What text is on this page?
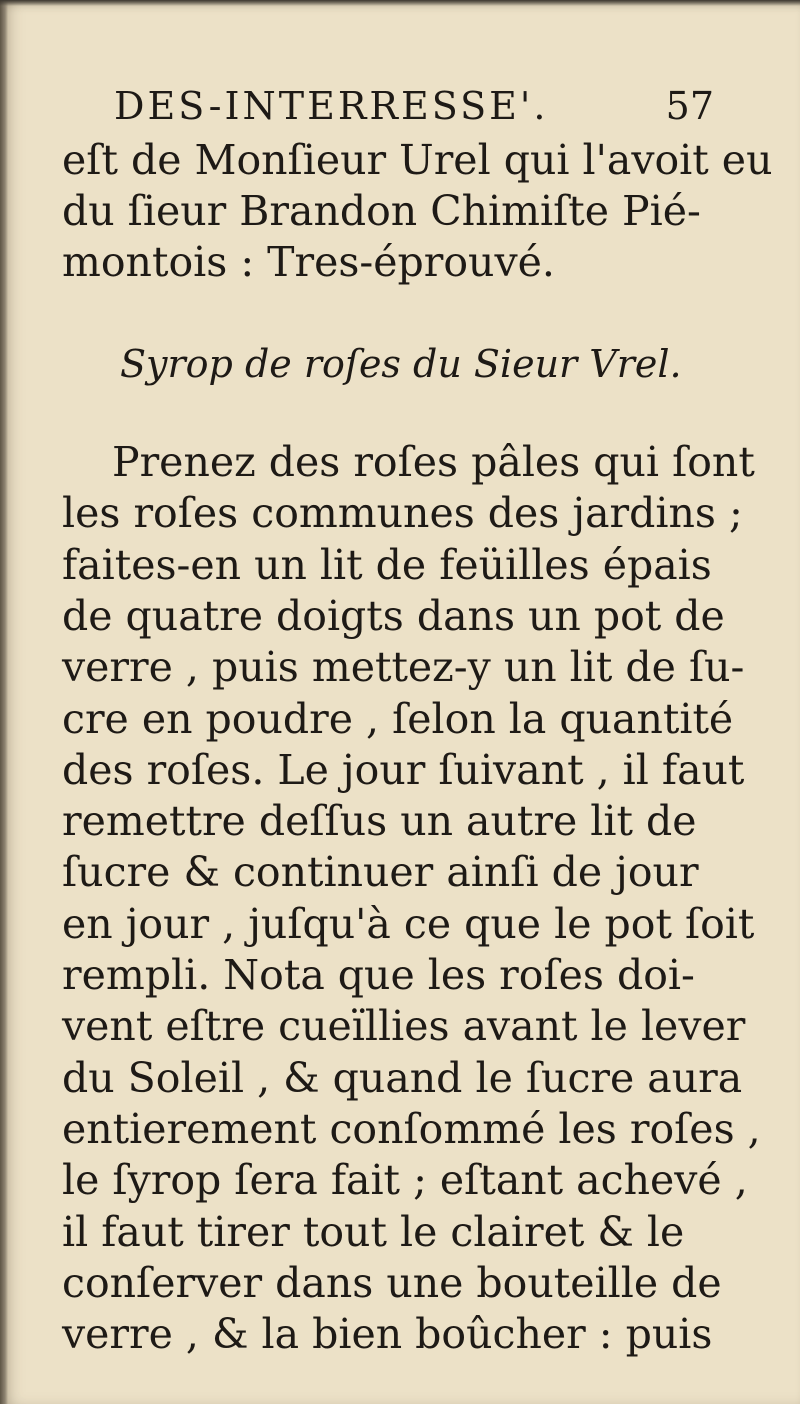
DES-INTERRESSE'.	57
eſt de Monſieur Urel qui l'avoit eu
du ſieur Brandon Chimiſte Pié-
montois : Tres-éprouvé.
Syrop de roſes du Sieur Vrel.
Prenez des roſes pâles qui ſont
les roſes communes des jardins ;
faites-en un lit de feüilles épais
de quatre doigts dans un pot de
verre , puis mettez-y un lit de ſu-
cre en poudre , ſelon la quantité
des roſes. Le jour ſuivant , il faut
remettre deſſus un autre lit de
ſucre & continuer ainſi de jour
en jour , juſqu'à ce que le pot ſoit
rempli. Nota que les roſes doi-
vent eſtre cueïllies avant le lever
du Soleil , & quand le ſucre aura
entierement conſommé les roſes ,
le ſyrop ſera fait ; eſtant achevé ,
il faut tirer tout le clairet & le
conſerver dans une bouteille de
verre , & la bien boûcher : puis
